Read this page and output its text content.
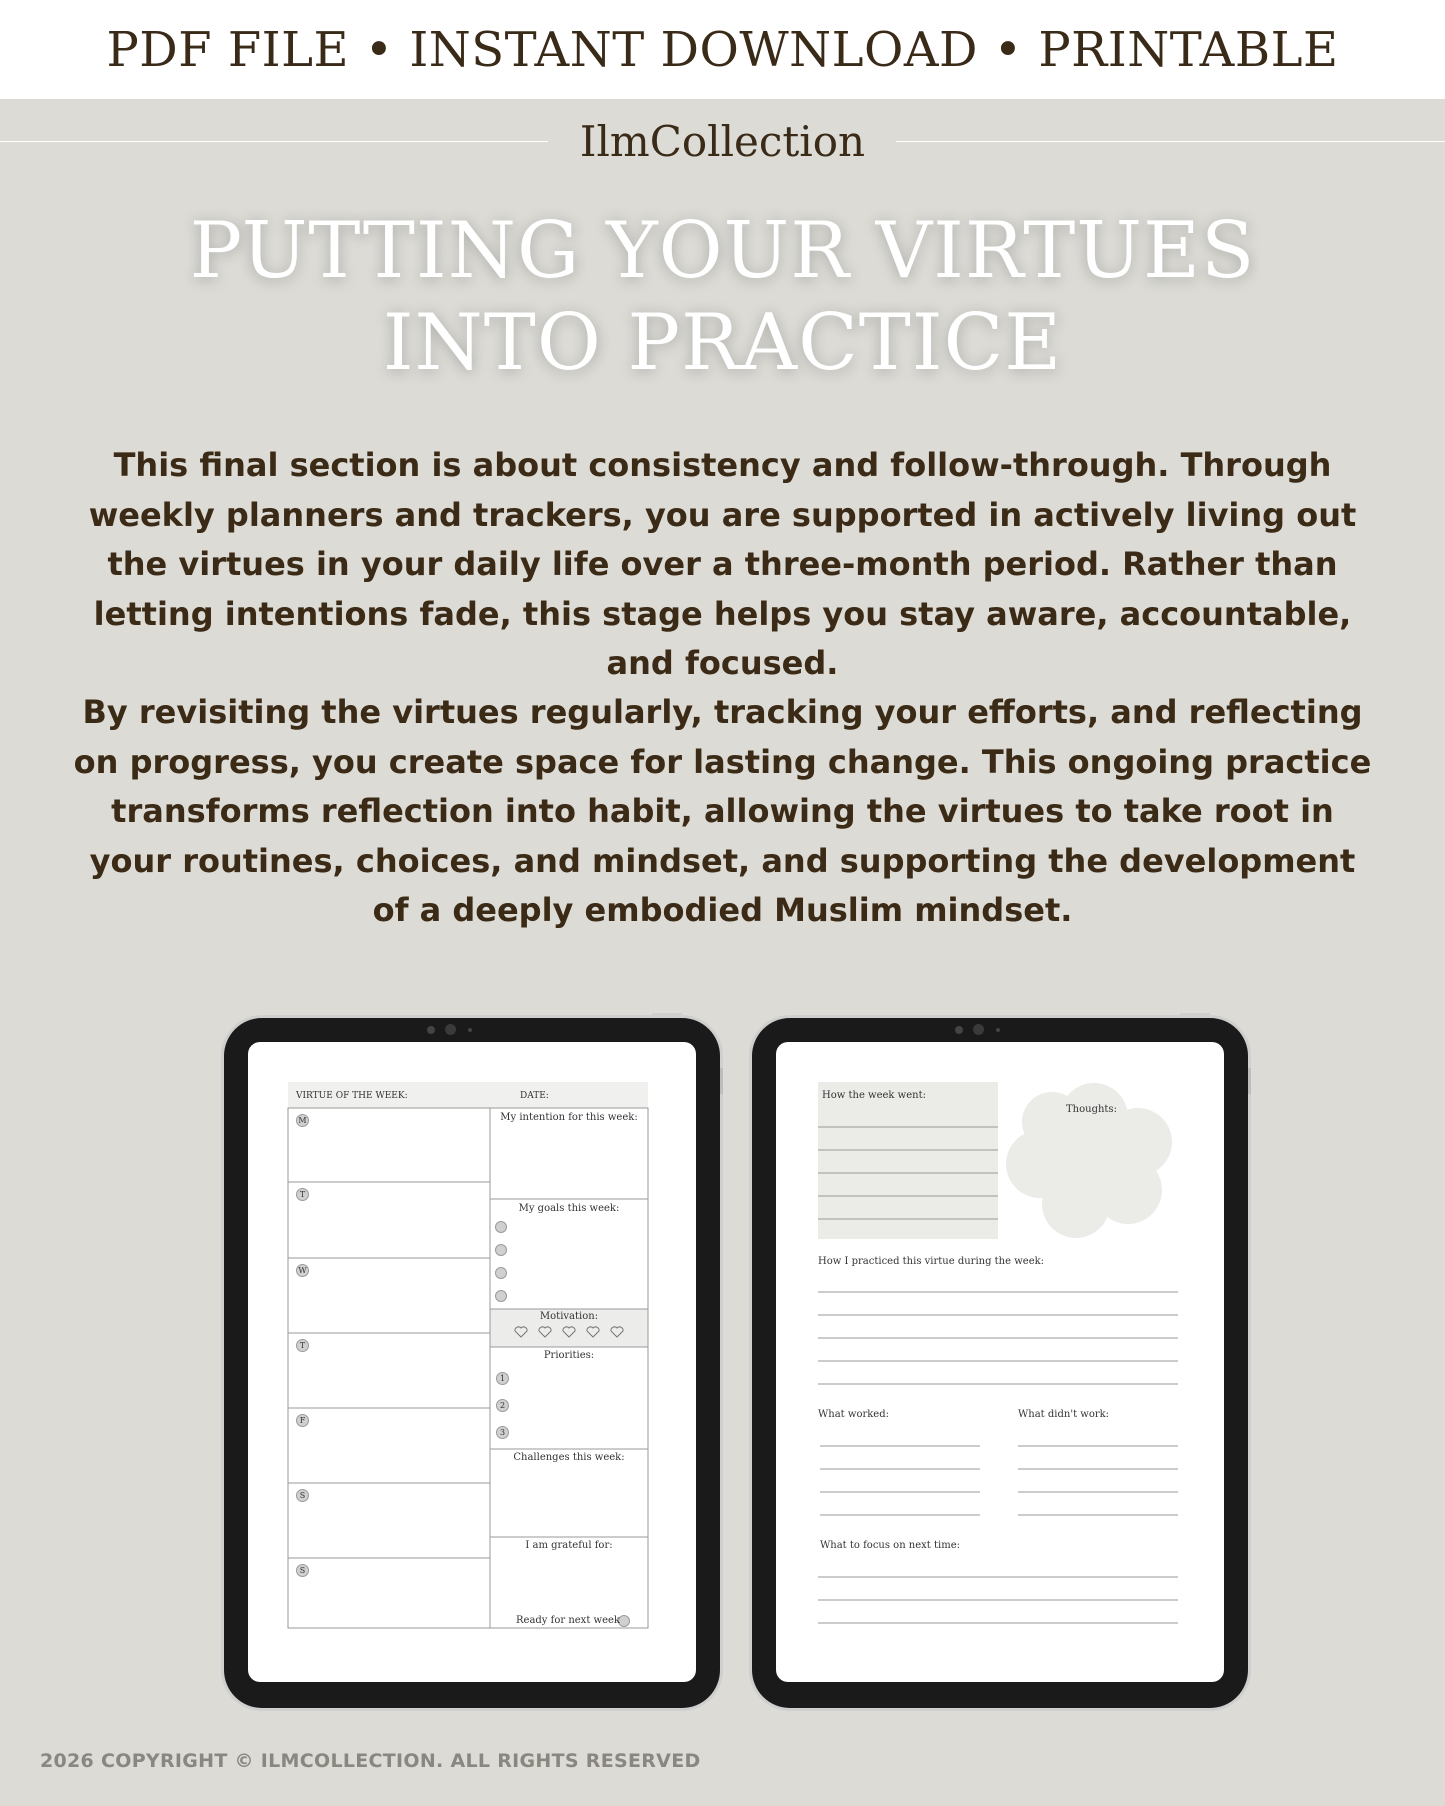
PDF FILE • INSTANT DOWNLOAD • PRINTABLE
IlmCollection
PUTTING YOUR VIRTUES
INTO PRACTICE
This final section is about consistency and follow-through. Through weekly planners and trackers, you are supported in actively living out the virtues in your daily life over a three-month period. Rather than letting intentions fade, this stage helps you stay aware, accountable, and focused.
By revisiting the virtues regularly, tracking your efforts, and reflecting on progress, you create space for lasting change. This ongoing practice transforms reflection into habit, allowing the virtues to take root in your routines, choices, and mindset, and supporting the development of a deeply embodied Muslim mindset.
VIRTUE OF THE WEEK:	DATE:
M
T
W
T
F
S
S
My intention for this week:
My goals this week:
Motivation:
Priorities:
1
2
3
Challenges this week:
I am grateful for:
Ready for next week
How the week went:
Thoughts:
How I practiced this virtue during the week:
What worked:	What didn't work:
What to focus on next time:
2026 COPYRIGHT © ILMCOLLECTION. ALL RIGHTS RESERVED
